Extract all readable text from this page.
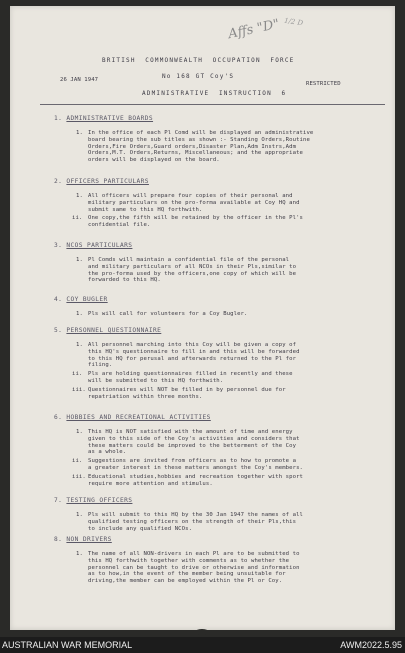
Affs "D" 1/2 D
BRITISH  COMMONWEALTH  OCCUPATION  FORCE
26 JAN 1947	No 168 GT Coy'S
RESTRICTED
ADMINISTRATIVE  INSTRUCTION  6
1. ADMINISTRATIVE BOARDS
1. In the office of each Pl Comd will be displayed an administrative
board bearing the sub titles as shown :- Standing Orders,Routine
Orders,Fire Orders,Guard orders,Disaster Plan,Adm Instrs,Adm
Orders,M.T. Orders,Returns, Miscellaneous; and the appropriate
orders will be displayed on the board.
2. OFFICERS PARTICULARS
1. All officers will prepare four copies of their personal and
military particulars on the pro-forma available at Coy HQ and
submit same to this HQ forthwith.
ii. One copy,the fifth will be retained by the officer in the Pl's
confidential file.
3. NCOS PARTICULARS
1. Pl Comds will maintain a confidential file of the personal
and military particulars of all NCOs in their Pls,similar to
the pro-forma used by the officers,one copy of which will be
forwarded to this HQ.
4. COY BUGLER
1. Pls will call for volunteers for a Coy Bugler.
5. PERSONNEL QUESTIONNAIRE
1. All personnel marching into this Coy will be given a copy of
this HQ's questionnaire to fill in and this will be forwarded
to this HQ for perusal and afterwards returned to the Pl for
filing.
ii. Pls are holding questionnaires filled in recently and these
will be submitted to this HQ forthwith.
iii. Questionnaires will NOT be filled in by personnel due for
repatriation within three months.
6. HOBBIES AND RECREATIONAL ACTIVITIES
1. This HQ is NOT satisfied with the amount of time and energy
given to this side of the Coy's activities and considers that
these matters could be improved to the betterment of the Coy
as a whole.
ii. Suggestions are invited from officers as to how to promote a
a greater interest in these matters amongst the Coy's members.
iii. Educational studies,hobbies and recreation together with sport
require more attention and stimulus.
7. TESTING OFFICERS
1. Pls will submit to this HQ by the 30 Jan 1947 the names of all
qualified testing officers on the strength of their Pls,this
to include any qualified NCOs.
8. NON DRIVERS
1. The name of all NON-drivers in each Pl are to be submitted to
this HQ forthwith together with comments as to whether the
personnel can be taught to drive or otherwise and information
as to how,in the event of the member being unsuitable for
driving,the member can be employed within the Pl or Coy.
AUSTRALIAN WAR MEMORIAL	AWM2022.5.95
